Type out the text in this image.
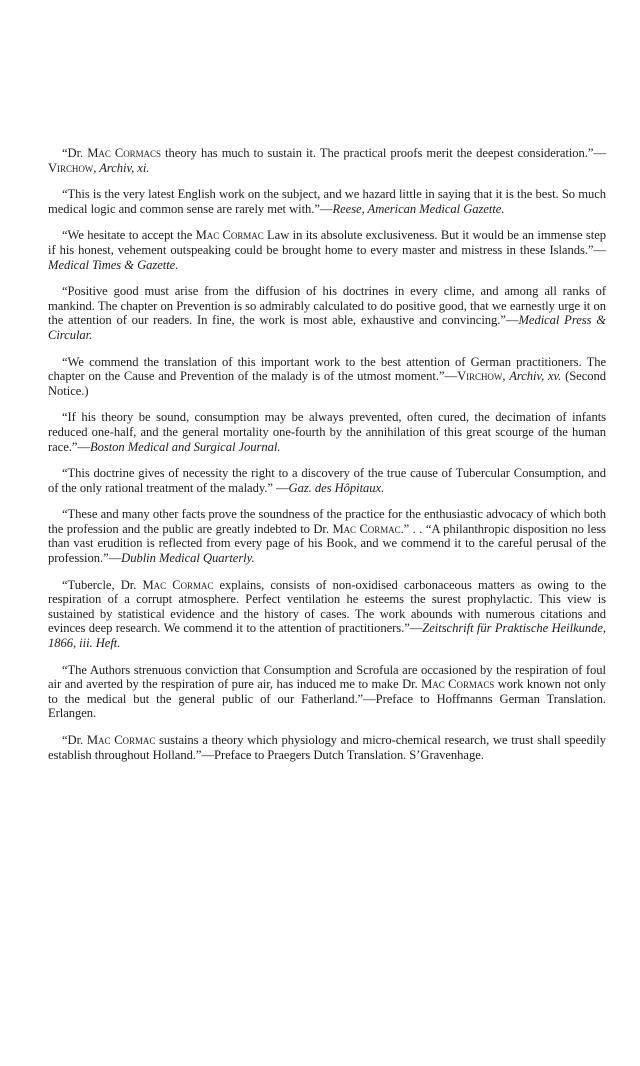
“Dr. Mac Cormacs theory has much to sustain it. The practical proofs merit the deepest consideration.”—Virchow, Archiv, xi.

“This is the very latest English work on the subject, and we hazard little in saying that it is the best. So much medical logic and common sense are rarely met with.”—Reese, American Medical Gazette.

“We hesitate to accept the Mac Cormac Law in its absolute exclusiveness. But it would be an immense step if his honest, vehement outspeaking could be brought home to every master and mistress in these Islands.”—Medical Times & Gazette.

“Positive good must arise from the diffusion of his doctrines in every clime, and among all ranks of mankind. The chapter on Prevention is so admirably calculated to do positive good, that we earnestly urge it on the attention of our readers. In fine, the work is most able, exhaustive and convincing.”—Medical Press & Circular.

“We commend the translation of this important work to the best attention of German practitioners. The chapter on the Cause and Prevention of the malady is of the utmost moment.”—Virchow, Archiv, xv. (Second Notice.)

“If his theory be sound, consumption may be always prevented, often cured, the decimation of infants reduced one-half, and the general mortality one-fourth by the annihilation of this great scourge of the human race.”—Boston Medical and Surgical Journal.

“This doctrine gives of necessity the right to a discovery of the true cause of Tubercular Consumption, and of the only rational treatment of the malady.” —Gaz. des Hôpitaux.

“These and many other facts prove the soundness of the practice for the enthusiastic advocacy of which both the profession and the public are greatly indebted to Dr. Mac Cormac.” . . “A philanthropic disposition no less than vast erudition is reflected from every page of his Book, and we commend it to the careful perusal of the profession.”—Dublin Medical Quarterly.

“Tubercle, Dr. Mac Cormac explains, consists of non-oxidised carbonaceous matters as owing to the respiration of a corrupt atmosphere. Perfect ventilation he esteems the surest prophylactic. This view is sustained by statistical evidence and the history of cases. The work abounds with numerous citations and evinces deep research. We commend it to the attention of practitioners.”—Zeitschrift für Praktische Heilkunde, 1866, iii. Heft.

“The Authors strenuous conviction that Consumption and Scrofula are occasioned by the respiration of foul air and averted by the respiration of pure air, has induced me to make Dr. Mac Cormacs work known not only to the medical but the general public of our Fatherland.”—Preface to Hoffmanns German Translation. Erlangen.

“Dr. Mac Cormac sustains a theory which physiology and micro-chemical research, we trust shall speedily establish throughout Holland.”—Preface to Praegers Dutch Translation. S’Gravenhage.
